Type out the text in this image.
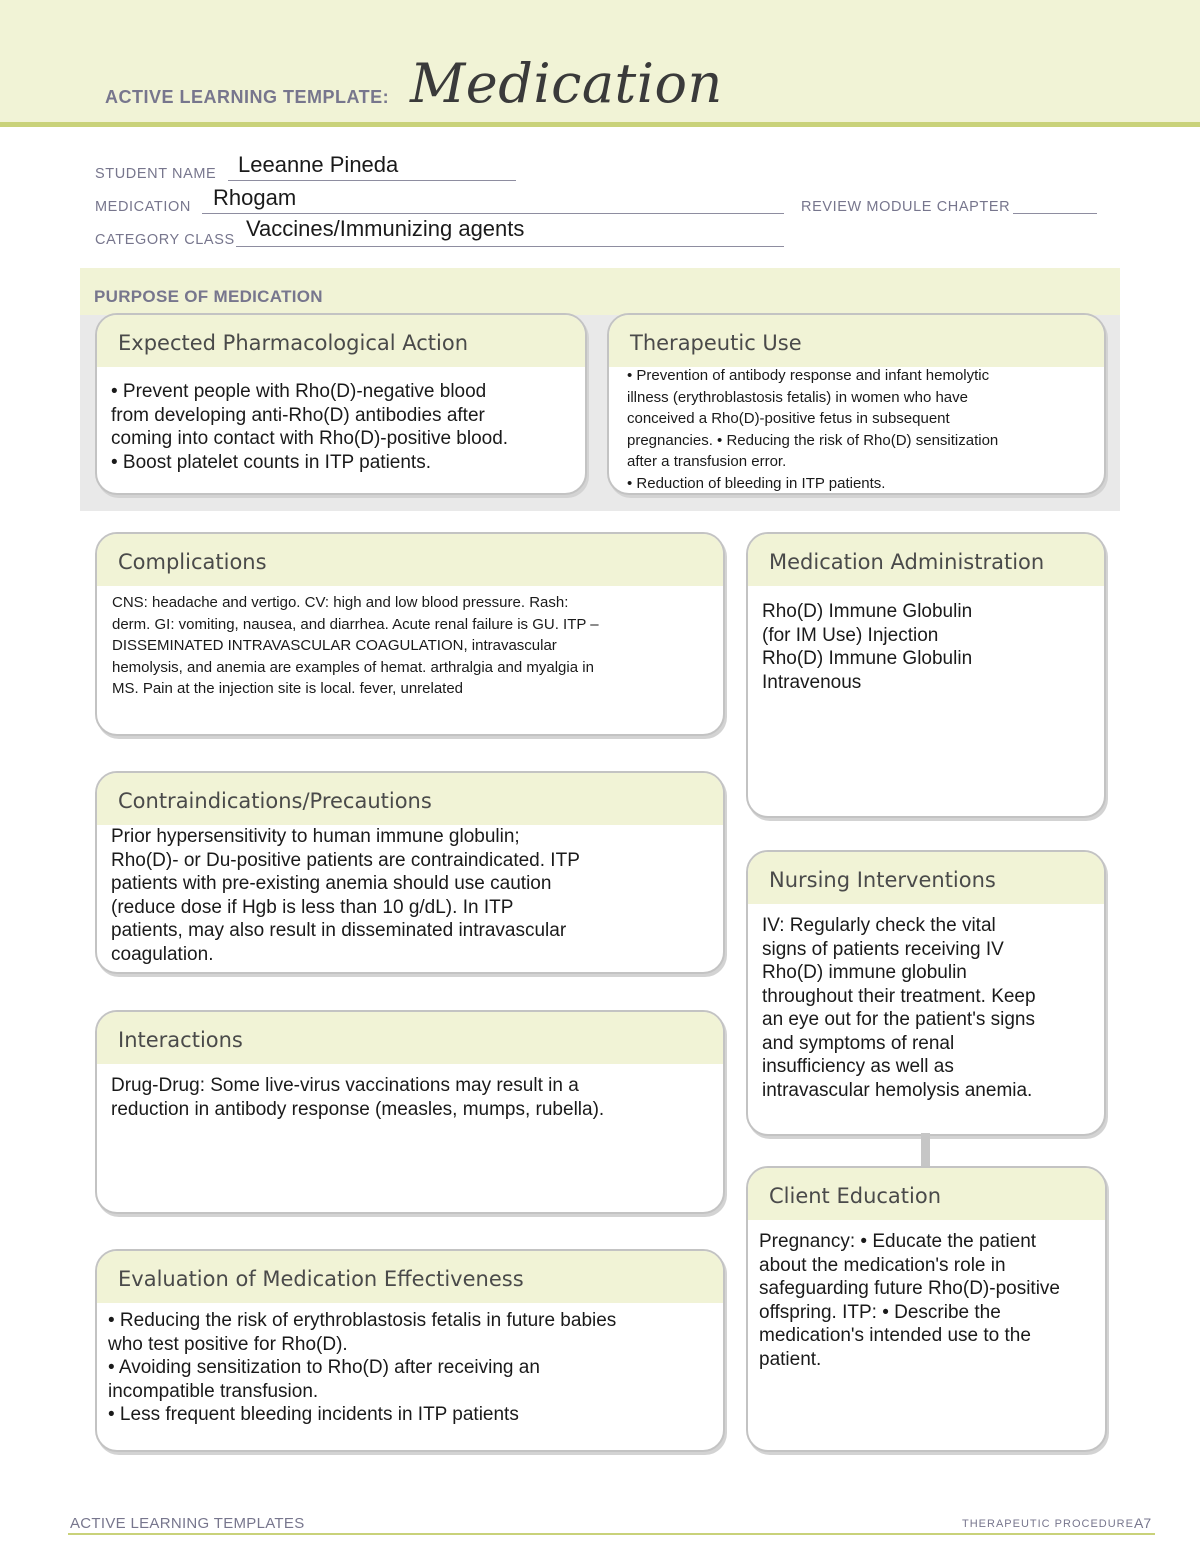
ACTIVE LEARNING TEMPLATE: Medication
STUDENT NAME Leeanne Pineda
MEDICATION Rhogam	REVIEW MODULE CHAPTER
CATEGORY CLASS Vaccines/Immunizing agents
PURPOSE OF MEDICATION
Expected Pharmacological Action
• Prevent people with Rho(D)-negative blood
from developing anti-Rho(D) antibodies after
coming into contact with Rho(D)-positive blood.
• Boost platelet counts in ITP patients.
Therapeutic Use
• Prevention of antibody response and infant hemolytic
illness (erythroblastosis fetalis) in women who have
conceived a Rho(D)-positive fetus in subsequent
pregnancies. • Reducing the risk of Rho(D) sensitization
after a transfusion error.
• Reduction of bleeding in ITP patients.
Complications
CNS: headache and vertigo. CV: high and low blood pressure. Rash:
derm. GI: vomiting, nausea, and diarrhea. Acute renal failure is GU. ITP –
DISSEMINATED INTRAVASCULAR COAGULATION, intravascular
hemolysis, and anemia are examples of hemat. arthralgia and myalgia in
MS. Pain at the injection site is local. fever, unrelated
Contraindications/Precautions
Prior hypersensitivity to human immune globulin;
Rho(D)- or Du-positive patients are contraindicated. ITP
patients with pre-existing anemia should use caution
(reduce dose if Hgb is less than 10 g/dL). In ITP
patients, may also result in disseminated intravascular
coagulation.
Interactions
Drug-Drug: Some live-virus vaccinations may result in a
reduction in antibody response (measles, mumps, rubella).
Evaluation of Medication Effectiveness
• Reducing the risk of erythroblastosis fetalis in future babies
who test positive for Rho(D).
• Avoiding sensitization to Rho(D) after receiving an
incompatible transfusion.
• Less frequent bleeding incidents in ITP patients
Medication Administration
Rho(D) Immune Globulin
(for IM Use) Injection
Rho(D) Immune Globulin
Intravenous
Nursing Interventions
IV: Regularly check the vital
signs of patients receiving IV
Rho(D) immune globulin
throughout their treatment. Keep
an eye out for the patient's signs
and symptoms of renal
insufficiency as well as
intravascular hemolysis anemia.
Client Education
Pregnancy: • Educate the patient
about the medication's role in
safeguarding future Rho(D)-positive
offspring. ITP: • Describe the
medication's intended use to the
patient.
ACTIVE LEARNING TEMPLATES	THERAPEUTIC PROCEDURE A7
